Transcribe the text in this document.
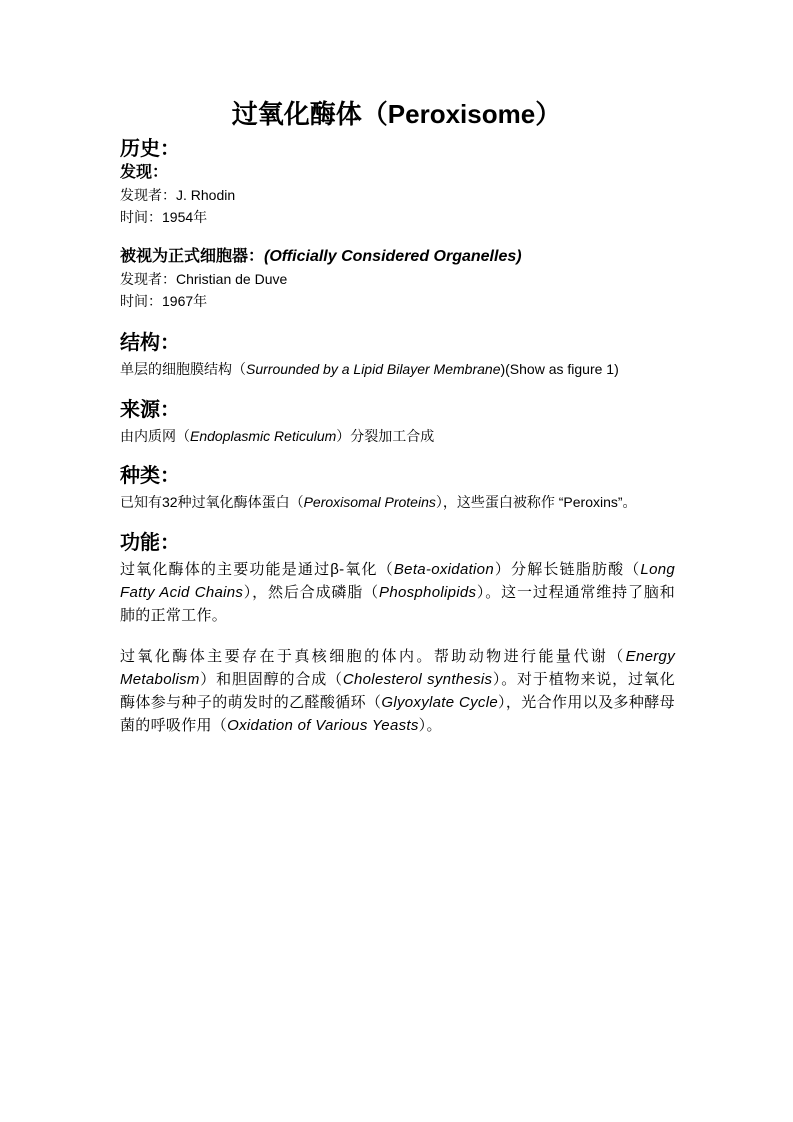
过氧化酶体（Peroxisome）
历史：
发现：
发现者：J. Rhodin
时间：1954年
被视为正式细胞器：(Officially Considered Organelles)
发现者：Christian de Duve
时间：1967年
结构：
单层的细胞膜结构（Surrounded by a Lipid Bilayer Membrane)(Show as figure 1)
来源：
由内质网（Endoplasmic Reticulum）分裂加工合成
种类：
已知有32种过氧化酶体蛋白（Peroxisomal Proteins），这些蛋白被称作 “Peroxins”。
功能：

过氧化酶体的主要功能是通过β-氧化（Beta-oxidation）分解长链脂肪酸（Long Fatty Acid Chains），然后合成磷脂（Phospholipids）。这一过程通常维持了脑和肺的正常工作。

过氧化酶体主要存在于真核细胞的体内。帮助动物进行能量代谢（Energy Metabolism）和胆固醇的合成（Cholesterol synthesis）。对于植物来说，过氧化酶体参与种子的萌发时的乙醛酸循环（Glyoxylate Cycle），光合作用以及多种酵母菌的呼吸作用（Oxidation of Various Yeasts）。
